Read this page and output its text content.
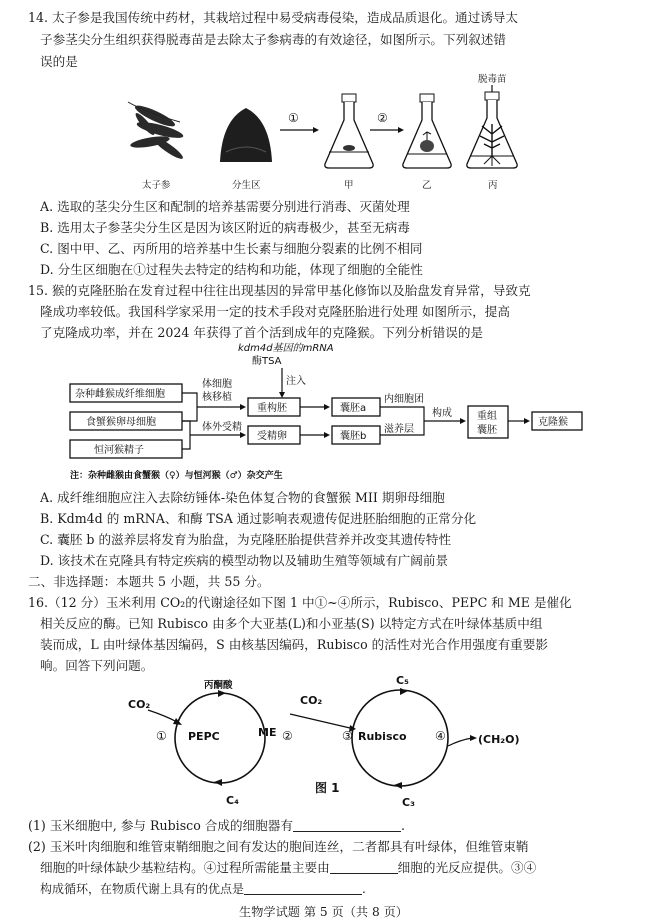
14. 太子参是我国传统中药材，其栽培过程中易受病毒侵染，造成品质退化。通过诱导太
子参茎尖分生组织获得脱毒苗是去除太子参病毒的有效途径，如图所示。下列叙述错
误的是
①	②
脱毒苗
太子参	分生区	甲	乙	丙
A. 选取的茎尖分生区和配制的培养基需要分别进行消毒、灭菌处理
B. 选用太子参茎尖分生区是因为该区附近的病毒极少，甚至无病毒
C. 图中甲、乙、丙所用的培养基中生长素与细胞分裂素的比例不相同
D. 分生区细胞在①过程失去特定的结构和功能，体现了细胞的全能性
15. 猴的克隆胚胎在发育过程中往往出现基因的异常甲基化修饰以及胎盘发育异常，导致克
隆成功率较低。我国科学家采用一定的技术手段对克隆胚胎进行处理 如图所示，提高
了克隆成功率，并在 2024 年获得了首个活到成年的克隆猴。下列分析错误的是
kdm4d基因的mRNA
酶TSA
注入
杂种雌猴成纤维细胞
食蟹猴卵母细胞
恒河猴精子
体细胞
核移植
体外受精
重构胚
受精卵
囊胚a
囊胚b
内细胞团
滋养层
构成	重组
囊胚
克隆猴
注：杂种雌猴由食蟹猴（♀）与恒河猴（♂）杂交产生
A. 成纤维细胞应注入去除纺锤体-染色体复合物的食蟹猴 MII 期卵母细胞
B. Kdm4d 的 mRNA、和酶 TSA 通过影响表观遗传促进胚胎细胞的正常分化
C. 囊胚 b 的滋养层将发育为胎盘，为克隆胚胎提供营养并改变其遗传特性
D. 该技术在克隆具有特定疾病的模型动物以及辅助生殖等领域有广阔前景
二、非选择题：本题共 5 小题，共 55 分。
16.（12 分）玉米利用 CO₂的代谢途径如下图 1 中①~④所示，Rubisco、PEPC 和 ME 是催化
相关反应的酶。已知 Rubisco 由多个大亚基(L)和小亚基(S) 以特定方式在叶绿体基质中组
装而成，L 由叶绿体基因编码，S 由核基因编码，Rubisco 的活性对光合作用强度有重要影
响。回答下列问题。
CO₂
丙酮酸
C₄
CO₂
C₅
C₃
PEPC
①	ME ②	③ Rubisco ④	(CH₂O)
图 1
(1) 玉米细胞中, 参与 Rubisco 合成的细胞器有	.
(2) 玉米叶肉细胞和维管束鞘细胞之间有发达的胞间连丝，二者都具有叶绿体，但维管束鞘
细胞的叶绿体缺少基粒结构。④过程所需能量主要由	细胞的光反应提供。③④
生物学试题 第 5 页（共 8 页）
构成循环，在物质代谢上具有的优点是	.
